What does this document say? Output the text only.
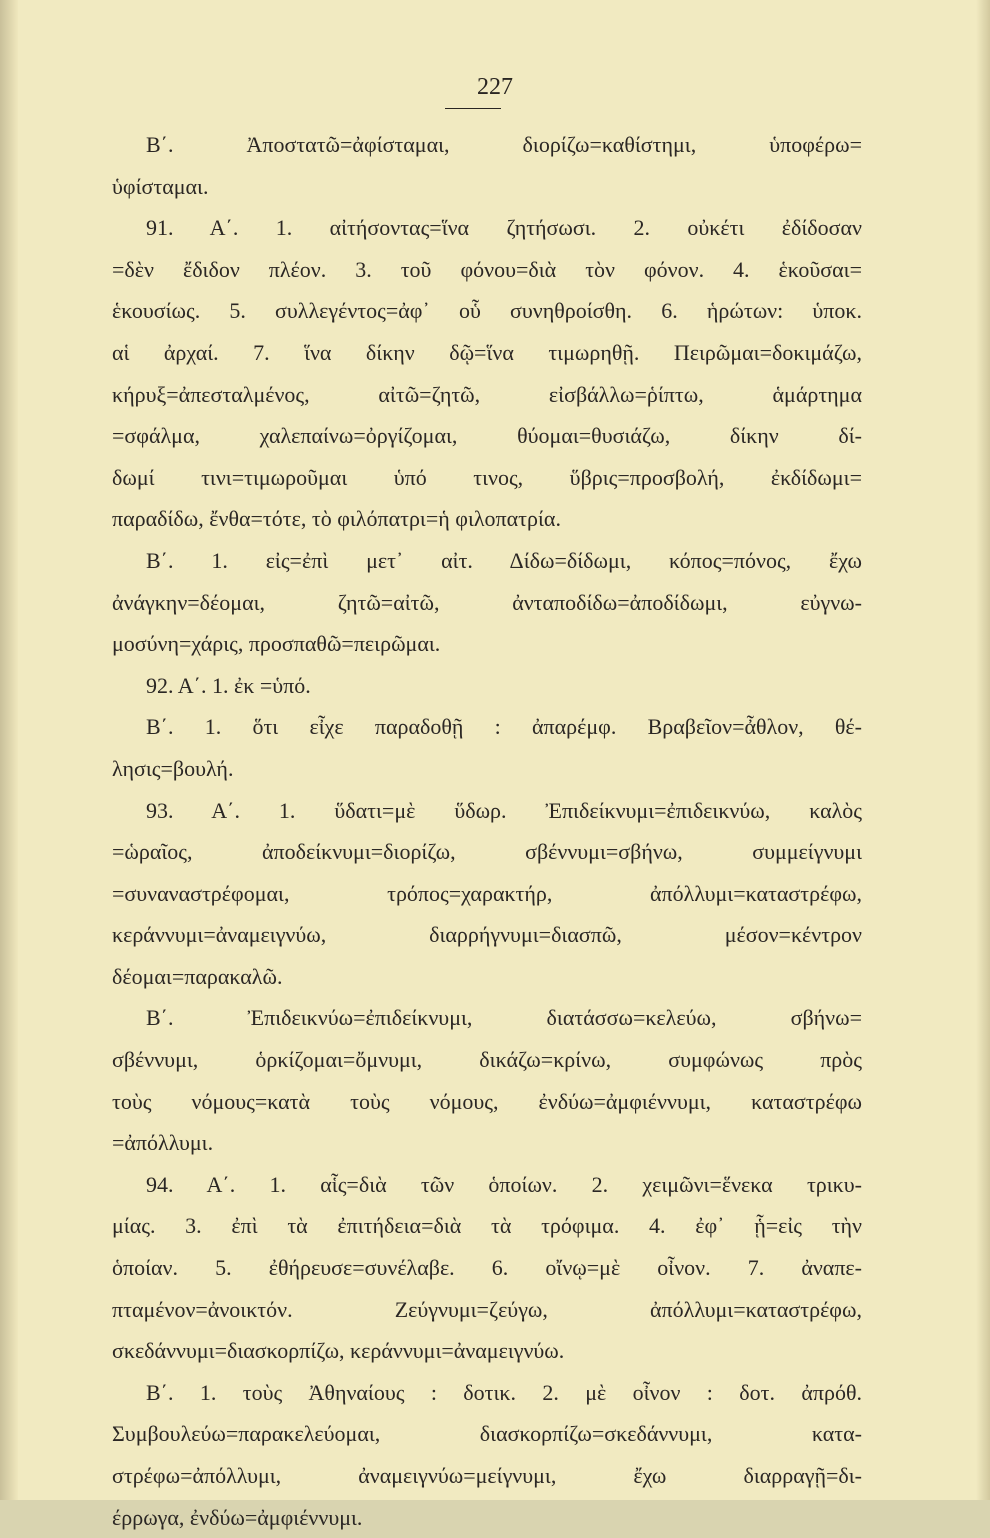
227
Β΄. Ἀποστατῶ=ἀφίσταμαι, διορίζω=καθίστημι, ὑποφέρω=
ὑφίσταμαι.
91. Α΄. 1. αἰτήσοντας=ἵνα ζητήσωσι. 2. οὐκέτι ἐδίδοσαν
=δὲν ἔδιδον πλέον. 3. τοῦ φόνου=διὰ τὸν φόνον. 4. ἑκοῦσαι=
ἑκουσίως. 5. συλλεγέντος=ἀφ᾽ οὗ συνηθροίσθη. 6. ἡρώτων: ὑποκ.
αἱ ἀρχαί. 7. ἵνα δίκην δῷ=ἵνα τιμωρηθῇ. Πειρῶμαι=δοκιμάζω,
κήρυξ=ἀπεσταλμένος, αἰτῶ=ζητῶ, εἰσβάλλω=ῥίπτω, ἁμάρτημα
=σφάλμα, χαλεπαίνω=ὀργίζομαι, θύομαι=θυσιάζω, δίκην δί-
δωμί τινι=τιμωροῦμαι ὑπό τινος, ὕβρις=προσβολή, ἐκδίδωμι=
παραδίδω, ἔνθα=τότε, τὸ φιλόπατρι=ἡ φιλοπατρία.
Β΄. 1. εἰς=ἐπὶ μετ᾽ αἰτ. Δίδω=δίδωμι, κόπος=πόνος, ἔχω
ἀνάγκην=δέομαι, ζητῶ=αἰτῶ, ἀνταποδίδω=ἀποδίδωμι, εὐγνω-
μοσύνη=χάρις, προσπαθῶ=πειρῶμαι.
92. Α΄. 1. ἐκ =ὑπό.
Β΄. 1. ὅτι εἶχε παραδοθῇ : ἀπαρέμφ. Βραβεῖον=ἆθλον, θέ-
λησις=βουλή.
93. Α΄. 1. ὕδατι=μὲ ὕδωρ. Ἐπιδείκνυμι=ἐπιδεικνύω, καλὸς
=ὡραῖος, ἀποδείκνυμι=διορίζω, σβέννυμι=σβήνω, συμμείγνυμι
=συναναστρέφομαι, τρόπος=χαρακτήρ, ἀπόλλυμι=καταστρέφω,
κεράννυμι=ἀναμειγνύω, διαρρήγνυμι=διασπῶ, μέσον=κέντρον
δέομαι=παρακαλῶ.
Β΄. Ἐπιδεικνύω=ἐπιδείκνυμι, διατάσσω=κελεύω, σβήνω=
σβέννυμι, ὁρκίζομαι=ὄμνυμι, δικάζω=κρίνω, συμφώνως πρὸς
τοὺς νόμους=κατὰ τοὺς νόμους, ἐνδύω=ἀμφιέννυμι, καταστρέφω
=ἀπόλλυμι.
94. Α΄. 1. αἷς=διὰ τῶν ὁποίων. 2. χειμῶνι=ἕνεκα τρικυ-
μίας. 3. ἐπὶ τὰ ἐπιτήδεια=διὰ τὰ τρόφιμα. 4. ἐφ᾽ ᾗ=εἰς τὴν
ὁποίαν. 5. ἐθήρευσε=συνέλαβε. 6. οἴνῳ=μὲ οἶνον. 7. ἀναπε-
πταμένον=ἀνοικτόν. Ζεύγνυμι=ζεύγω, ἀπόλλυμι=καταστρέφω,
σκεδάννυμι=διασκορπίζω, κεράννυμι=ἀναμειγνύω.
Β΄. 1. τοὺς Ἀθηναίους : δοτικ. 2. μὲ οἶνον : δοτ. ἀπρόθ.
Συμβουλεύω=παρακελεύομαι, διασκορπίζω=σκεδάννυμι, κατα-
στρέφω=ἀπόλλυμι, ἀναμειγνύω=μείγνυμι, ἔχω διαρραγῇ=δι-
έρρωγα, ἐνδύω=ἀμφιέννυμι.
